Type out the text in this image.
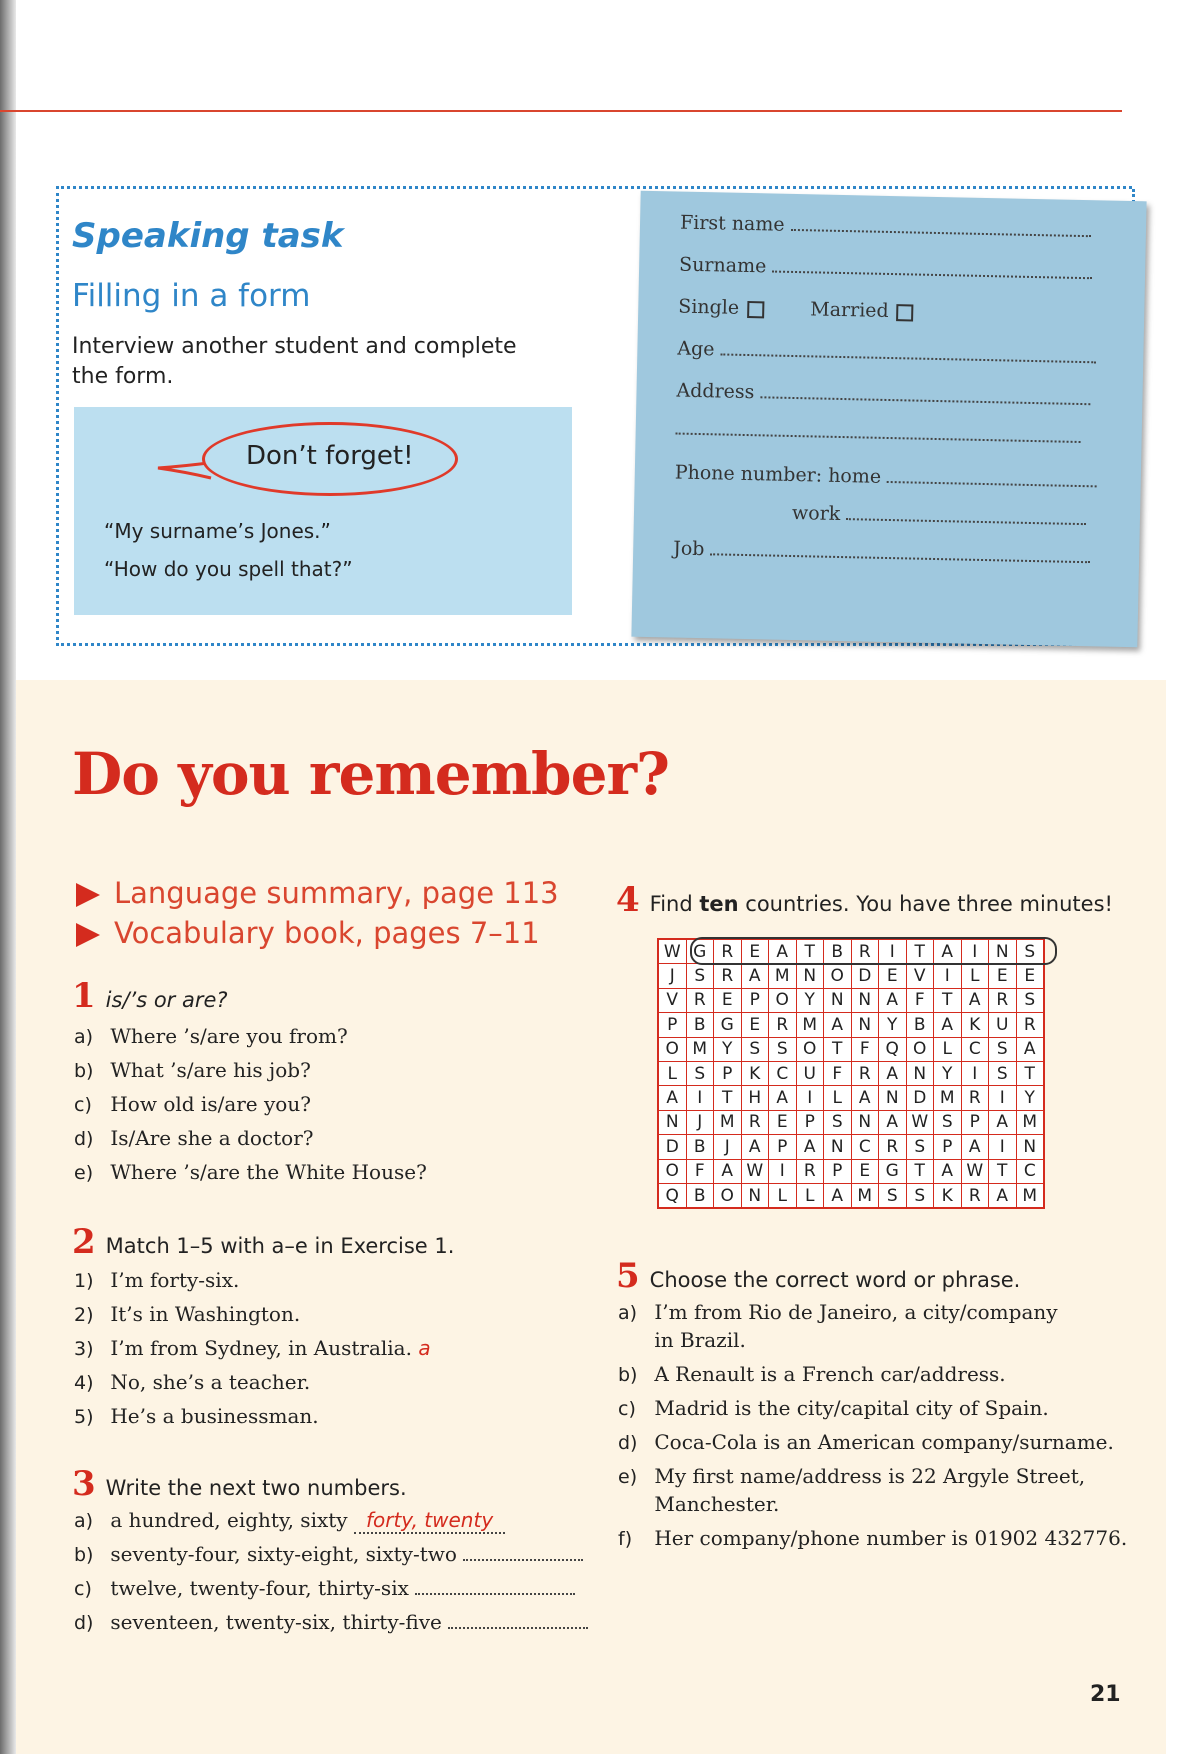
Speaking task
Filling in a form
Interview another student and complete the form.
Don’t forget!
“My surname’s Jones.”
“How do you spell that?”
First name
Surname
Single	Married
Age
Address
Phone number: home
work
Job
Do you remember?
Language summary, page 113
Vocabulary book, pages 7–11
1 is/’s or are?
a) Where ’s/are you from?
b) What ’s/are his job?
c) How old is/are you?
d) Is/Are she a doctor?
e) Where ’s/are the White House?
2 Match 1–5 with a–e in Exercise 1.
1) I’m forty-six.
2) It’s in Washington.
3) I’m from Sydney, in Australia. a
4) No, she’s a teacher.
5) He’s a businessman.
3 Write the next two numbers.
a) a hundred, eighty, sixty forty, twenty
b) seventy-four, sixty-eight, sixty-two
c) twelve, twenty-four, thirty-six
d) seventeen, twenty-six, thirty-five
4 Find ten countries. You have three minutes!
W	G	R	E	A	T	B	R	I	T	A	I	N	S
J	S	R	A	M	N	O	D	E	V	I	L	E	E
V	R	E	P	O	Y	N	N	A	F	T	A	R	S
P	B	G	E	R	M	A	N	Y	B	A	K	U	R
O	M	Y	S	S	O	T	F	Q	O	L	C	S	A
L	S	P	K	C	U	F	R	A	N	Y	I	S	T
A	I	T	H	A	I	L	A	N	D	M	R	I	Y
N	J	M	R	E	P	S	N	A	W	S	P	A	M
D	B	J	A	P	A	N	C	R	S	P	A	I	N
O	F	A	W	I	R	P	E	G	T	A	W	T	C
Q	B	O	N	L	L	A	M	S	S	K	R	A	M
5 Choose the correct word or phrase.
a) I’m from Rio de Janeiro, a city/company
in Brazil.
b) A Renault is a French car/address.
c) Madrid is the city/capital city of Spain.
d) Coca-Cola is an American company/surname.
e) My first name/address is 22 Argyle Street,
Manchester.
f) Her company/phone number is 01902 432776.
21
